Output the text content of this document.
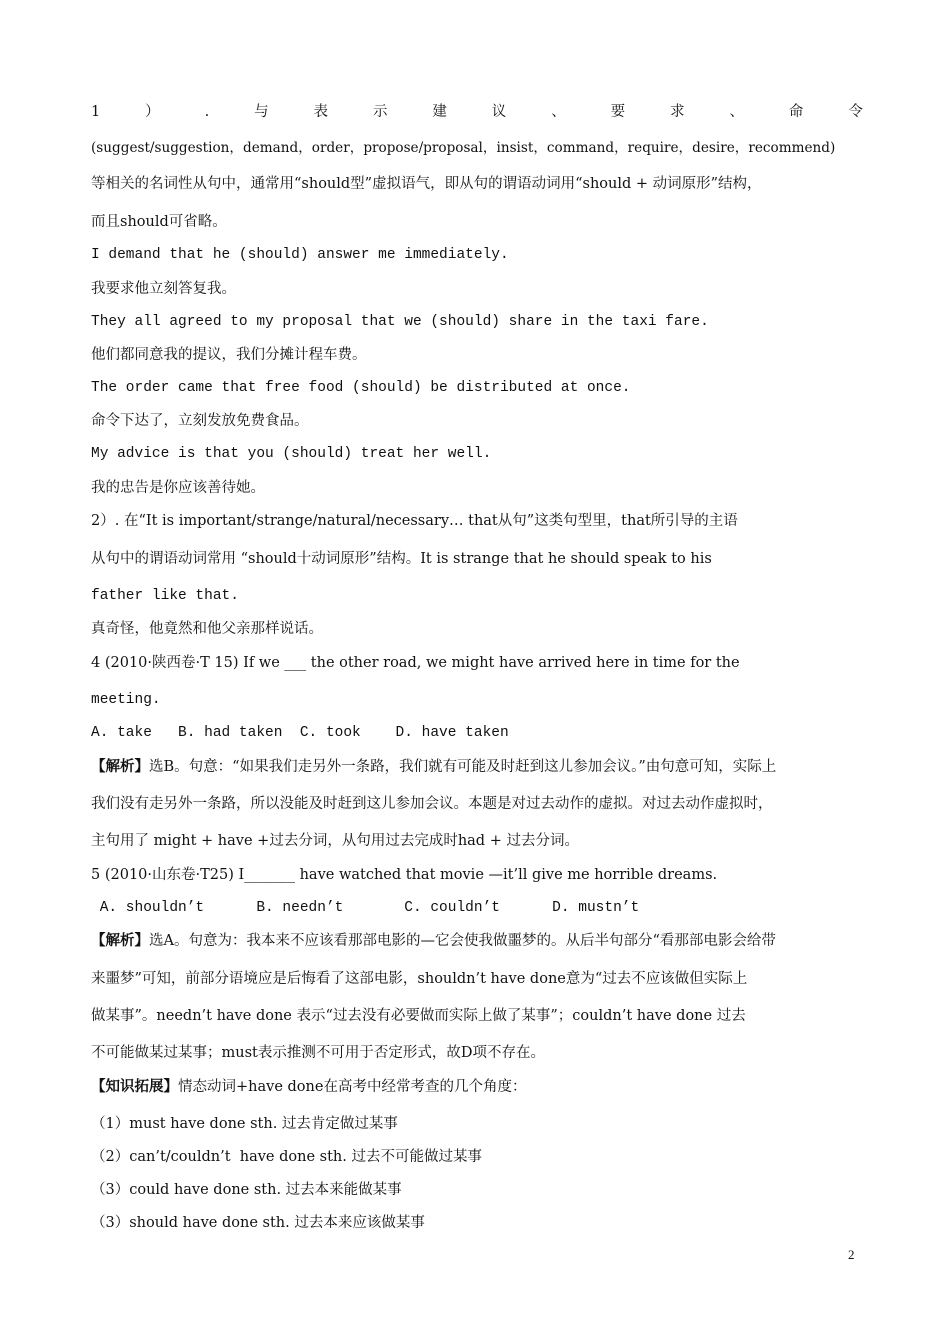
1	）	.	与	表	示	建	议	、	要	求	、	命	令
(suggest/suggestion，demand，order，propose/proposal，insist，command，require，desire，recommend)
等相关的名词性从句中，通常用“should型”虚拟语气，即从句的谓语动词用“should + 动词原形”结构，
而且should可省略。
I demand that he (should) answer me immediately.
我要求他立刻答复我。
They all agreed to my proposal that we (should) share in the taxi fare.
他们都同意我的提议，我们分摊计程车费。
The order came that free food (should) be distributed at once.
命令下达了，立刻发放免费食品。
My advice is that you (should) treat her well.
我的忠告是你应该善待她。
2）. 在“It is important/strange/natural/necessary… that从句”这类句型里，that所引导的主语
从句中的谓语动词常用 “should十动词原形”结构。It is strange that he should speak to his
father like that.
真奇怪，他竟然和他父亲那样说话。
4 (2010·陕西卷·T 15) If we ___ the other road, we might have arrived here in time for the
meeting.
A. take   B. had taken  C. took    D. have taken
【解析】选B。句意：“如果我们走另外一条路，我们就有可能及时赶到这儿参加会议。”由句意可知，实际上
我们没有走另外一条路，所以没能及时赶到这儿参加会议。本题是对过去动作的虚拟。对过去动作虚拟时，
主句用了 might + have +过去分词，从句用过去完成时had + 过去分词。
5 (2010·山东卷·T25) I_______ have watched that movie —it’ll give me horrible dreams.
A. shouldn’t      B. needn’t       C. couldn’t      D. mustn’t
【解析】选A。句意为：我本来不应该看那部电影的—它会使我做噩梦的。从后半句部分“看那部电影会给带
来噩梦”可知，前部分语境应是后悔看了这部电影，shouldn’t have done意为“过去不应该做但实际上
做某事”。needn’t have done 表示“过去没有必要做而实际上做了某事”；couldn’t have done 过去
不可能做某过某事；must表示推测不可用于否定形式，故D项不存在。
【知识拓展】情态动词+have done在高考中经常考查的几个角度：
（1）must have done sth. 过去肯定做过某事
（2）can’t/couldn’t  have done sth. 过去不可能做过某事
（3）could have done sth. 过去本来能做某事
（3）should have done sth. 过去本来应该做某事
2
